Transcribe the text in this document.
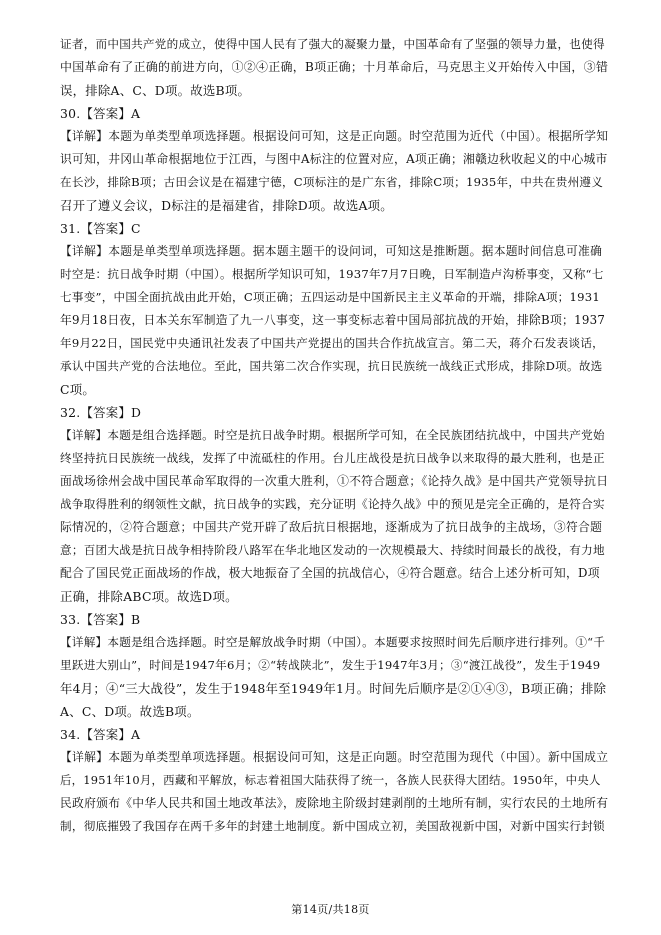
证者，而中国共产党的成立，使得中国人民有了强大的凝聚力量，中国革命有了坚强的领导力量，也使得
中国革命有了正确的前进方向，①②④正确，B项正确；十月革命后，马克思主义开始传入中国，③错
误，排除A、C、D项。故选B项。
30.【答案】A
【详解】本题为单类型单项选择题。根据设问可知，这是正向题。时空范围为近代（中国）。根据所学知
识可知，井冈山革命根据地位于江西，与图中A标注的位置对应，A项正确；湘赣边秋收起义的中心城市
在长沙，排除B项；古田会议是在福建宁德，C项标注的是广东省，排除C项；1935年，中共在贵州遵义
召开了遵义会议，D标注的是福建省，排除D项。故选A项。
31.【答案】C
【详解】本题是单类型单项选择题。据本题主题干的设问词，可知这是推断题。据本题时间信息可准确
时空是：抗日战争时期（中国）。根据所学知识可知，1937年7月7日晚，日军制造卢沟桥事变，又称“七
七事变”，中国全面抗战由此开始，C项正确；五四运动是中国新民主主义革命的开端，排除A项；1931
年9月18日夜，日本关东军制造了九一八事变，这一事变标志着中国局部抗战的开始，排除B项；1937
年9月22日，国民党中央通讯社发表了中国共产党提出的国共合作抗战宣言。第二天，蒋介石发表谈话，
承认中国共产党的合法地位。至此，国共第二次合作实现，抗日民族统一战线正式形成，排除D项。故选
C项。
32.【答案】D
【详解】本题是组合选择题。时空是抗日战争时期。根据所学可知，在全民族团结抗战中，中国共产党始
终坚持抗日民族统一战线，发挥了中流砥柱的作用。台儿庄战役是抗日战争以来取得的最大胜利，也是正
面战场徐州会战中国民革命军取得的一次重大胜利，①不符合题意；《论持久战》是中国共产党领导抗日
战争取得胜利的纲领性文献，抗日战争的实践，充分证明《论持久战》中的预见是完全正确的，是符合实
际情况的，②符合题意；中国共产党开辟了敌后抗日根据地，逐渐成为了抗日战争的主战场，③符合题
意；百团大战是抗日战争相持阶段八路军在华北地区发动的一次规模最大、持续时间最长的战役，有力地
配合了国民党正面战场的作战，极大地振奋了全国的抗战信心，④符合题意。结合上述分析可知，D项
正确，排除ABC项。故选D项。
33.【答案】B
【详解】本题是组合选择题。时空是解放战争时期（中国）。本题要求按照时间先后顺序进行排列。①“千
里跃进大别山”，时间是1947年6月；②“转战陕北”，发生于1947年3月；③“渡江战役”，发生于1949
年4月；④“三大战役”，发生于1948年至1949年1月。时间先后顺序是②①④③，B项正确；排除
A、C、D项。故选B项。
34.【答案】A
【详解】本题为单类型单项选择题。根据设问可知，这是正向题。时空范围为现代（中国）。新中国成立
后，1951年10月，西藏和平解放，标志着祖国大陆获得了统一，各族人民获得大团结。1950年，中央人
民政府颁布《中华人民共和国土地改革法》，废除地主阶级封建剥削的土地所有制，实行农民的土地所有
制，彻底摧毁了我国存在两千多年的封建土地制度。新中国成立初，美国敌视新中国，对新中国实行封锁
第14页/共18页
